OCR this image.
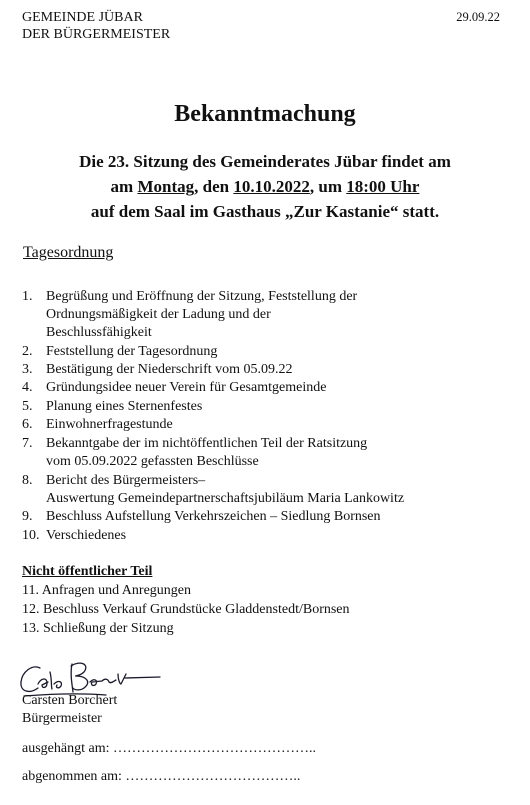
GEMEINDE JÜBAR
DER BÜRGERMEISTER
29.09.22
Bekanntmachung
Die 23. Sitzung des Gemeinderates Jübar findet am
am Montag, den 10.10.2022, um 18:00 Uhr
auf dem Saal im Gasthaus „Zur Kastanie“ statt.
Tagesordnung
1. Begrüßung und Eröffnung der Sitzung, Feststellung der
Ordnungsmäßigkeit der Ladung und der
Beschlussfähigkeit
2. Feststellung der Tagesordnung
3. Bestätigung der Niederschrift vom 05.09.22
4. Gründungsidee neuer Verein für Gesamtgemeinde
5. Planung eines Sternenfestes
6. Einwohnerfragestunde
7. Bekanntgabe der im nichtöffentlichen Teil der Ratsitzung
vom 05.09.2022 gefassten Beschlüsse
8. Bericht des Bürgermeisters–
Auswertung Gemeindepartnerschaftsjubiläum Maria Lankowitz
9. Beschluss Aufstellung Verkehrszeichen – Siedlung Bornsen
10. Verschiedenes
Nicht öffentlicher Teil
11. Anfragen und Anregungen
12. Beschluss Verkauf Grundstücke Gladdenstedt/Bornsen
13. Schließung der Sitzung
Carsten Borchert
Bürgermeister
ausgehängt am: ……………………………………..
abgenommen am: ………………………………..
